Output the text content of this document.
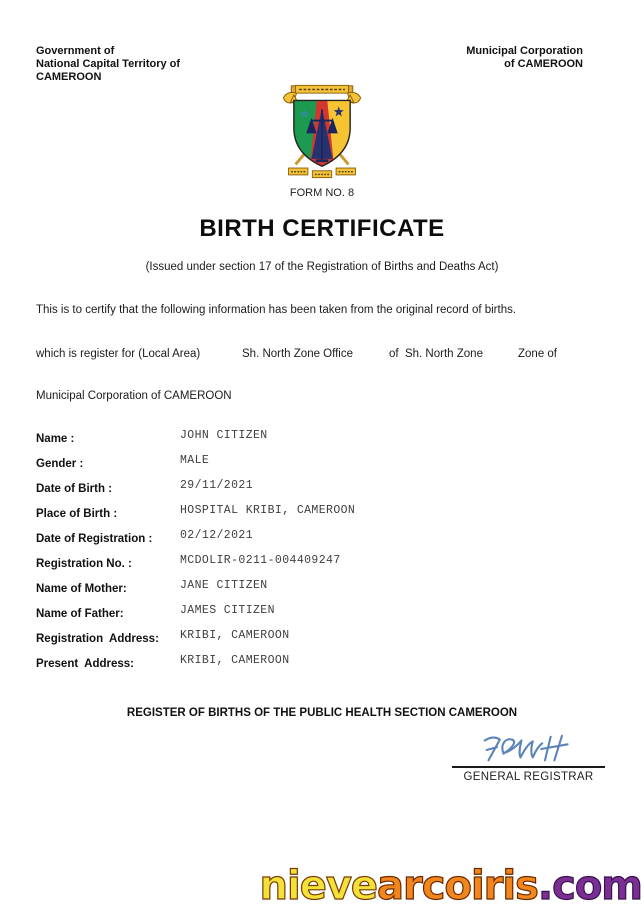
Government of
National Capital Territory of
CAMEROON
Municipal Corporation
of CAMEROON
FORM NO. 8
BIRTH CERTIFICATE
(Issued under section 17 of the Registration of Births and Deaths Act)
This is to certify that the following information has been taken from the original record of births.
which is register for (Local Area)	Sh. North Zone Office	of  Sh. North Zone	Zone of
Municipal Corporation of CAMEROON
Name :	JOHN CITIZEN
Gender :	MALE
Date of Birth :	29/11/2021
Place of Birth :	HOSPITAL KRIBI, CAMEROON
Date of Registration : 02/12/2021
Registration No. :	MCDOLIR-0211-004409247
Name of Mother:	JANE CITIZEN
Name of Father:	JAMES CITIZEN
Registration  Address: KRIBI, CAMEROON
Present  Address:	KRIBI, CAMEROON
REGISTER OF BIRTHS OF THE PUBLIC HEALTH SECTION CAMEROON
GENERAL REGISTRAR
nievearcoiris.com
